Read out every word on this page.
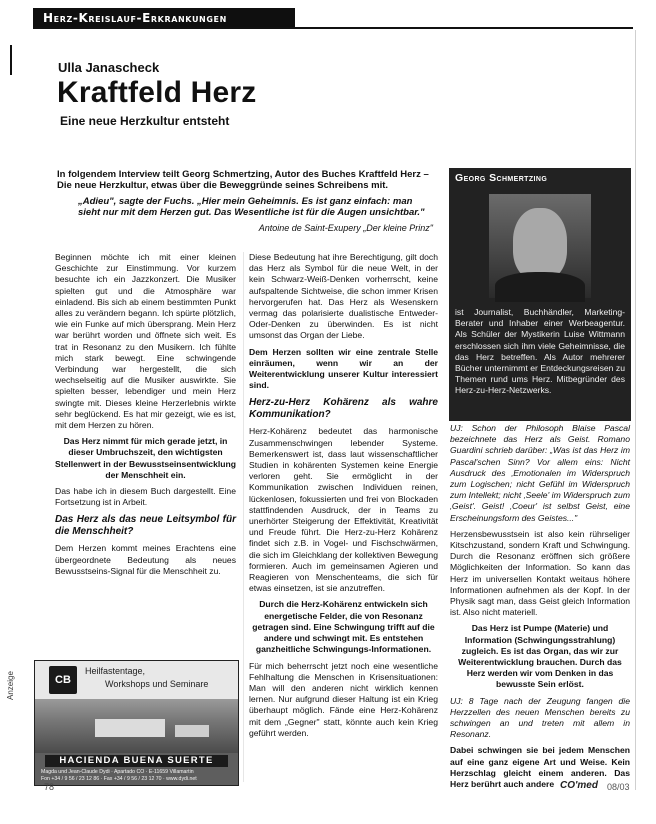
Herz-Kreislauf-Erkrankungen
Ulla Janascheck
Kraftfeld Herz
Eine neue Herzkultur entsteht
In folgendem Interview teilt Georg Schmertzing, Autor des Buches Kraftfeld Herz – Die neue Herzkultur, etwas über die Beweggründe seines Schreibens mit.
„Adieu", sagte der Fuchs. „Hier mein Geheimnis. Es ist ganz einfach: man sieht nur mit dem Herzen gut. Das Wesentliche ist für die Augen unsichtbar."
Antoine de Saint-Exupery „Der kleine Prinz"

Beginnen möchte ich mit einer kleinen Geschichte zur Einstimmung. Vor kurzem besuchte ich ein Jazzkonzert. Die Musiker spielten gut und die Atmosphäre war einladend. Bis sich ab einem bestimmten Punkt alles zu verändern begann. Ich spürte plötzlich, wie ein Funke auf mich übersprang. Mein Herz war berührt worden und öffnete sich weit. Es trat in Resonanz zu den Musikern. Ich fühlte mich stark bewegt. Eine schwingende Verbindung war hergestellt, die sich wechselseitig auf die Musiker auswirkte. Sie spielten besser, lebendiger und mein Herz swingte mit. Dieses kleine Herzerlebnis wirkte sehr beglückend. Es hat mir gezeigt, wie es ist, mit dem Herzen zu hören.

Das Herz nimmt für mich gerade jetzt, in dieser Umbruchszeit, den wichtigsten Stellenwert in der Bewusstseinsentwicklung der Menschheit ein.

Das habe ich in diesem Buch dargestellt. Eine Fortsetzung ist in Arbeit.

Das Herz als das neue Leitsymbol für die Menschheit?

Dem Herzen kommt meines Erachtens eine übergeordnete Bedeutung als neues Bewusstseins-Signal für die Menschheit zu.

Diese Bedeutung hat ihre Berechtigung, gilt doch das Herz als Symbol für die neue Welt, in der kein Schwarz-Weiß-Denken vorherrscht, keine aufspaltende Sichtweise, die schon immer Krisen hervorgerufen hat. Das Herz als Wesenskern vermag das polarisierte dualistische Entweder-Oder-Denken zu überwinden. Es ist nicht umsonst das Organ der Liebe.

Dem Herzen sollten wir eine zentrale Stelle einräumen, wenn wir an der Weiterentwicklung unserer Kultur interessiert sind.

Herz-zu-Herz Kohärenz als wahre Kommunikation?

Herz-Kohärenz bedeutet das harmonische Zusammenschwingen lebender Systeme. Bemerkenswert ist, dass laut wissenschaftlicher Studien in kohärenten Systemen keine Energie verloren geht. Sie ermöglicht in der Kommunikation zwischen Individuen reinen, lückenlosen, fokussierten und frei von Blockaden stattfindenden Ausdruck, der in Teams zu unerhörter Steigerung der Effektivität, Kreativität und Freude führt. Die Herz-zu-Herz Kohärenz findet sich z.B. in Vogel- und Fischschwärmen, die sich im Gleichklang der kollektiven Bewegung formieren. Auch im gemeinsamen Agieren und Reagieren von Menschenteams, die sich für etwas einsetzen, ist sie anzutreffen.

Durch die Herz-Kohärenz entwickeln sich energetische Felder, die von Resonanz getragen sind. Eine Schwingung trifft auf die andere und schwingt mit. Es entstehen ganzheitliche Schwingungs-Informationen.

Für mich beherrscht jetzt noch eine wesentliche Fehlhaltung die Menschen in Krisensituationen: Man will den anderen nicht wirklich kennen lernen. Nur aufgrund dieser Haltung ist ein Krieg überhaupt möglich. Fände eine Herz-Kohärenz mit dem „Gegner" statt, könnte auch kein Krieg geführt werden.

Georg Schmertzing
ist Journalist, Buchhändler, Marketing-Berater und Inhaber einer Werbeagentur. Als Schüler der Mystikerin Luise Wittmann erschlossen sich ihm viele Geheimnisse, die das Herz betreffen. Als Autor mehrerer Bücher unternimmt er Entdeckungsreisen zu Themen rund ums Herz. Mitbegründer des Herz-zu-Herz-Netzwerks.

UJ: Schon der Philosoph Blaise Pascal bezeichnete das Herz als Geist. Romano Guardini schrieb darüber: „Was ist das Herz im Pascal'schen Sinn? Vor allem eins: Nicht Ausdruck des ‚Emotionalen im Widerspruch zum Logischen; nicht Gefühl im Widerspruch zum Intellekt; nicht ‚Seele' im Widerspruch zum ‚Geist'. Geist! ‚Coeur' ist selbst Geist, eine Erscheinungsform des Geistes..."

Herzensbewusstsein ist also kein rührseliger Kitschzustand, sondern Kraft und Schwingung. Durch die Resonanz eröffnen sich größere Möglichkeiten der Information. So kann das Herz im universellen Kontakt weitaus höhere Informationen aufnehmen als der Kopf. In der Physik sagt man, dass Geist gleich Information ist. Also nicht materiell.

Das Herz ist Pumpe (Materie) und Information (Schwingungsstrahlung) zugleich. Es ist das Organ, das wir zur Weiterentwicklung brauchen. Durch das Herz werden wir vom Denken in das bewusste Sein erlöst.

UJ: 8 Tage nach der Zeugung fangen die Herzzellen des neuen Menschen bereits zu schwingen an und treten mit allem in Resonanz.

Dabei schwingen sie bei jedem Menschen auf eine ganz eigene Art und Weise. Kein Herzschlag gleicht einem anderen. Das Herz berührt auch andere

Anzeige	CB
Heilfastentage,
Workshops und Seminare
HACIENDA BUENA SUERTE
Magda und Jean-Claude Dydi · Apartado CO · E-11659 Villamartin
Fon +34 / 9 56 / 23 12 86 · Fax +34 / 9 56 / 23 12 70 · www.dydi.net
78	CO'med 08/03
